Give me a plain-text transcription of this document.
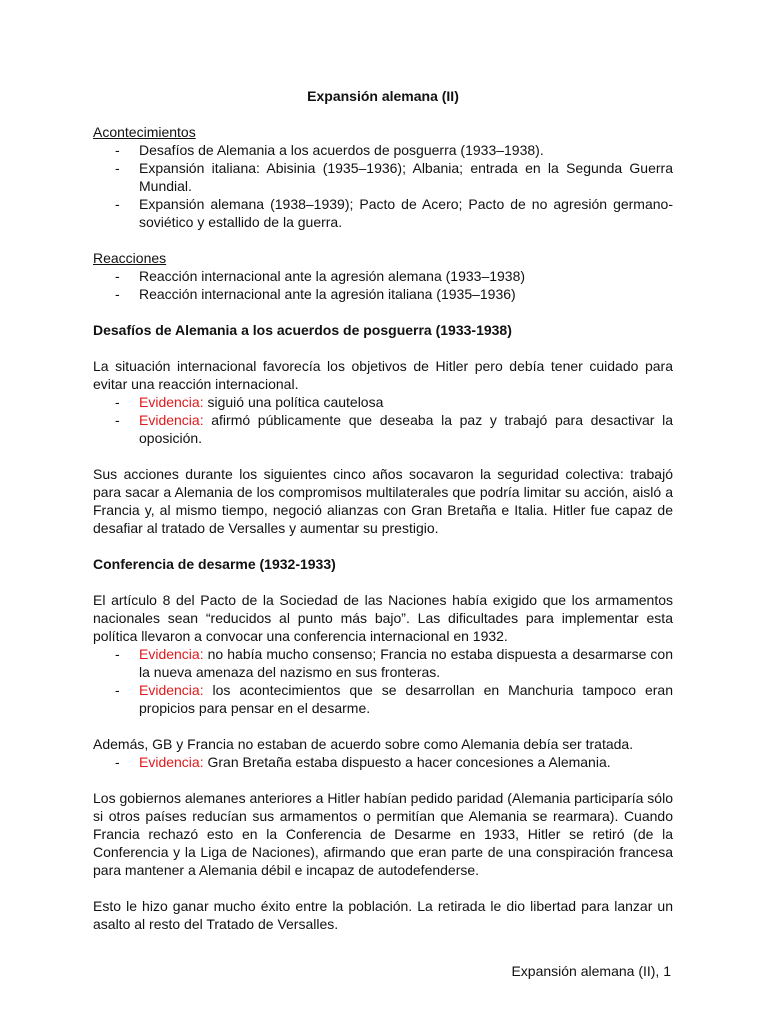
Expansión alemana (II)

Acontecimientos

- Desafíos de Alemania a los acuerdos de posguerra (1933–1938).
- Expansión italiana: Abisinia (1935–1936); Albania; entrada en la Segunda Guerra Mundial.
- Expansión alemana (1938–1939); Pacto de Acero; Pacto de no agresión germano-soviético y estallido de la guerra.

Reacciones

- Reacción internacional ante la agresión alemana (1933–1938)
- Reacción internacional ante la agresión italiana (1935–1936)

Desafíos de Alemania a los acuerdos de posguerra (1933-1938)

La situación internacional favorecía los objetivos de Hitler pero debía tener cuidado para evitar una reacción internacional.

- Evidencia: siguió una política cautelosa
- Evidencia: afirmó públicamente que deseaba la paz y trabajó para desactivar la oposición.

Sus acciones durante los siguientes cinco años socavaron la seguridad colectiva: trabajó para sacar a Alemania de los compromisos multilaterales que podría limitar su acción, aisló a Francia y, al mismo tiempo, negoció alianzas con Gran Bretaña e Italia. Hitler fue capaz de desafiar al tratado de Versalles y aumentar su prestigio.

Conferencia de desarme (1932-1933)

El artículo 8 del Pacto de la Sociedad de las Naciones había exigido que los armamentos nacionales sean “reducidos al punto más bajo”. Las dificultades para implementar esta política llevaron a convocar una conferencia internacional en 1932.

- Evidencia: no había mucho consenso; Francia no estaba dispuesta a desarmarse con la nueva amenaza del nazismo en sus fronteras.
- Evidencia: los acontecimientos que se desarrollan en Manchuria tampoco eran propicios para pensar en el desarme.

Además, GB y Francia no estaban de acuerdo sobre como Alemania debía ser tratada.

- Evidencia: Gran Bretaña estaba dispuesto a hacer concesiones a Alemania.

Los gobiernos alemanes anteriores a Hitler habían pedido paridad (Alemania participaría sólo si otros países reducían sus armamentos o permitían que Alemania se rearmara). Cuando Francia rechazó esto en la Conferencia de Desarme en 1933, Hitler se retiró (de la Conferencia y la Liga de Naciones), afirmando que eran parte de una conspiración francesa para mantener a Alemania débil e incapaz de autodefenderse.

Esto le hizo ganar mucho éxito entre la población. La retirada le dio libertad para lanzar un asalto al resto del Tratado de Versalles.

Expansión alemana (II), 1
